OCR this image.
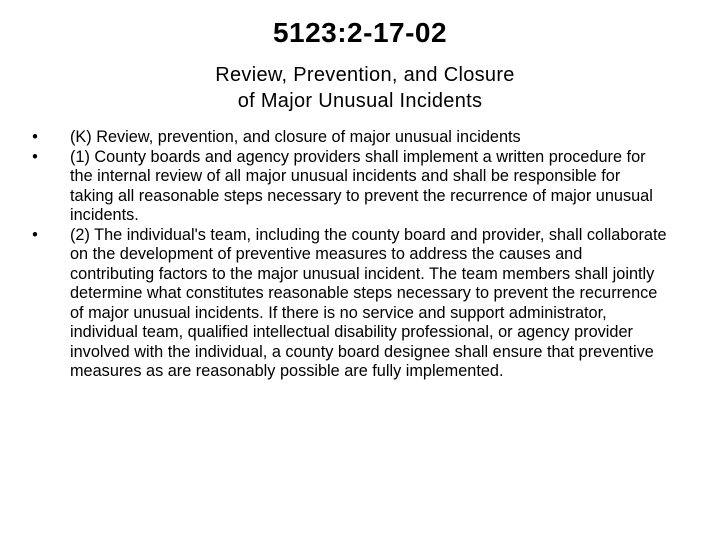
5123:2-17-02
Review, Prevention, and Closure
of Major Unusual Incidents
• (K) Review, prevention, and closure of major unusual incidents
• (1) County boards and agency providers shall implement a written procedure for the internal review of all major unusual incidents and shall be responsible for taking all reasonable steps necessary to prevent the recurrence of major unusual incidents.
• (2) The individual's team, including the county board and provider, shall collaborate on the development of preventive measures to address the causes and contributing factors to the major unusual incident. The team members shall jointly determine what constitutes reasonable steps necessary to prevent the recurrence of major unusual incidents. If there is no service and support administrator, individual team, qualified intellectual disability professional, or agency provider involved with the individual, a county board designee shall ensure that preventive measures as are reasonably possible are fully implemented.
